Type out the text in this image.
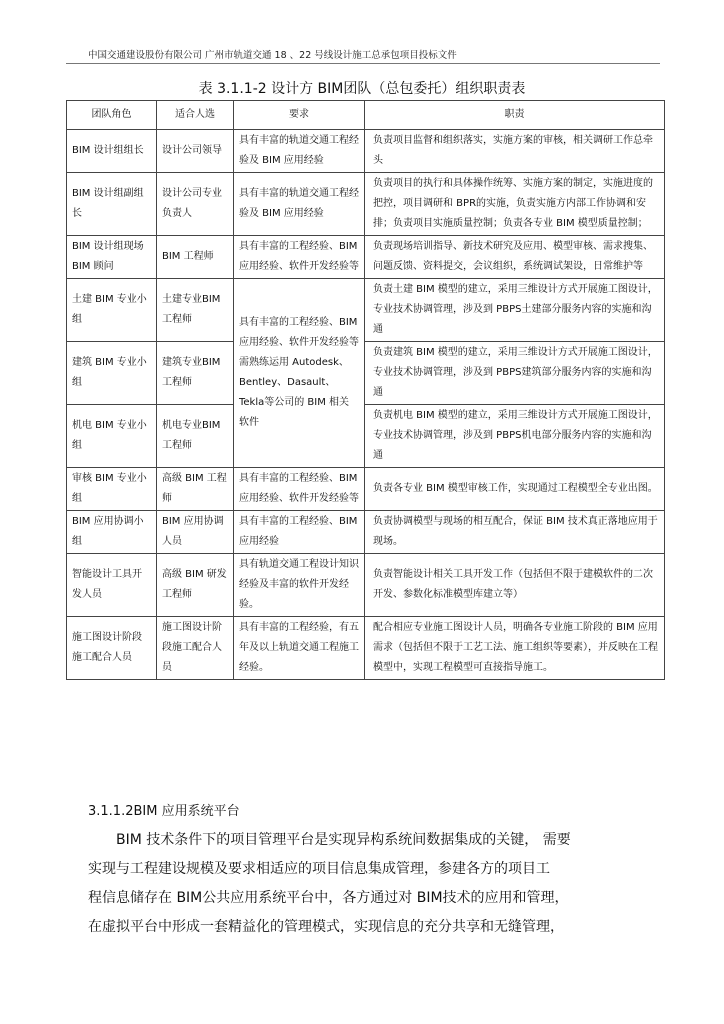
中国交通建设股份有限公司 广州市轨道交通 18 、22 号线设计施工总承包项目投标文件
表 3.1.1-2 设计方 BIM团队（总包委托）组织职责表
团队角色	适合人选	要求	职责
BIM 设计组组长	设计公司领导	具有丰富的轨道交通工程经验及 BIM 应用经验	负责项目监督和组织落实，实施方案的审核，相关调研工作总牵头
BIM 设计组副组长	设计公司专业负责人	具有丰富的轨道交通工程经验及 BIM 应用经验	负责项目的执行和具体操作统筹、实施方案的制定，实施进度的把控，项目调研和 BPR的实施，负责实施方内部工作协调和安排；负责项目实施质量控制；负责各专业 BIM 模型质量控制；
BIM 设计组现场 BIM 顾问	BIM 工程师	具有丰富的工程经验、BIM 应用经验、软件开发经验等	负责现场培训指导、新技术研究及应用、模型审核、需求搜集、问题反馈、资料提交，会议组织，系统调试架设，日常维护等
土建 BIM 专业小组	土建专业BIM 工程师	具有丰富的工程经验、BIM 应用经验、软件开发经验等需熟练运用 Autodesk、Bentley、Dasault、Tekla等公司的 BIM 相关软件	负责土建 BIM 模型的建立，采用三维设计方式开展施工图设计，专业技术协调管理，涉及到 PBPS土建部分服务内容的实施和沟通
建筑 BIM 专业小组	建筑专业BIM 工程师		负责建筑 BIM 模型的建立，采用三维设计方式开展施工图设计，专业技术协调管理，涉及到 PBPS建筑部分服务内容的实施和沟通
机电 BIM 专业小组	机电专业BIM 工程师		负责机电 BIM 模型的建立，采用三维设计方式开展施工图设计，专业技术协调管理，涉及到 PBPS机电部分服务内容的实施和沟通
审核 BIM 专业小组	高级 BIM 工程师	具有丰富的工程经验、BIM 应用经验、软件开发经验等	负责各专业 BIM 模型审核工作，实现通过工程模型全专业出图。
BIM 应用协调小组	BIM 应用协调人员	具有丰富的工程经验、BIM 应用经验	负责协调模型与现场的相互配合，保证 BIM 技术真正落地应用于现场。
智能设计工具开发人员	高级 BIM 研发工程师	具有轨道交通工程设计知识经验及丰富的软件开发经验。	负责智能设计相关工具开发工作（包括但不限于建模软件的二次开发、参数化标准模型库建立等）
施工图设计阶段施工配合人员	施工图设计阶段施工配合人员	具有丰富的工程经验，有五年及以上轨道交通工程施工经验。	配合相应专业施工图设计人员，明确各专业施工阶段的 BIM 应用需求（包括但不限于工艺工法、施工组织等要素），并反映在工程模型中，实现工程模型可直接指导施工。
3.1.1.2BIM 应用系统平台

　　BIM 技术条件下的项目管理平台是实现异构系统间数据集成的关键， 需要

实现与工程建设规模及要求相适应的项目信息集成管理，参建各方的项目工

程信息储存在 BIM公共应用系统平台中，各方通过对 BIM技术的应用和管理，

在虚拟平台中形成一套精益化的管理模式，实现信息的充分共享和无缝管理，
